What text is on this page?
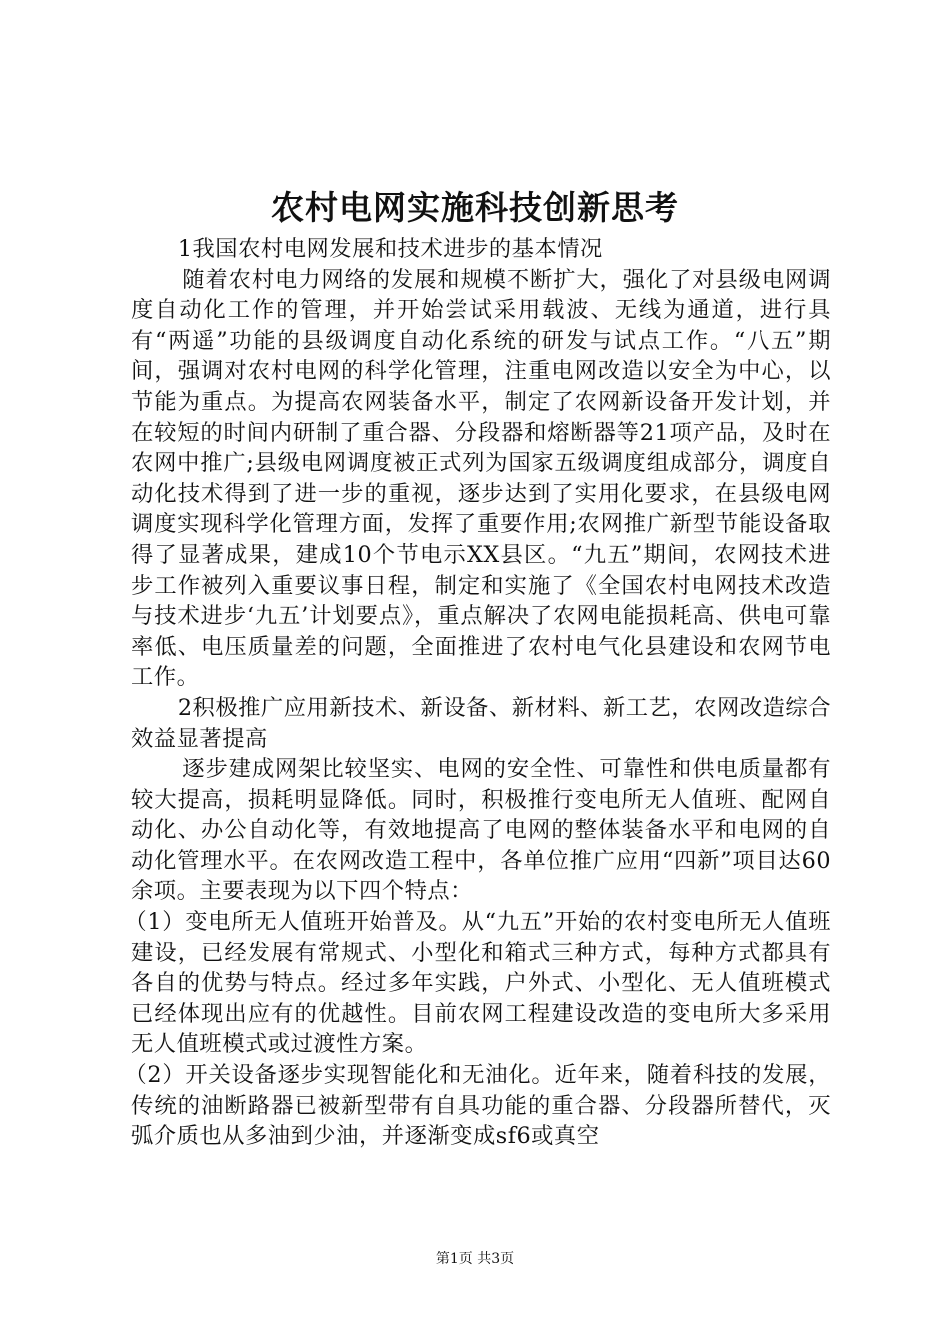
农村电网实施科技创新思考

1我国农村电网发展和技术进步的基本情况

随着农村电力网络的发展和规模不断扩大，强化了对县级电网调度自动化工作的管理，并开始尝试采用载波、无线为通道，进行具有“两遥”功能的县级调度自动化系统的研发与试点工作。“八五”期间，强调对农村电网的科学化管理，注重电网改造以安全为中心，以节能为重点。为提高农网装备水平，制定了农网新设备开发计划，并在较短的时间内研制了重合器、分段器和熔断器等21项产品，及时在农网中推广;县级电网调度被正式列为国家五级调度组成部分，调度自动化技术得到了进一步的重视，逐步达到了实用化要求，在县级电网调度实现科学化管理方面，发挥了重要作用;农网推广新型节能设备取得了显著成果，建成10个节电示XX县区。“九五”期间，农网技术进步工作被列入重要议事日程，制定和实施了《全国农村电网技术改造与技术进步‘九五’计划要点》，重点解决了农网电能损耗高、供电可靠率低、电压质量差的问题，全面推进了农村电气化县建设和农网节电工作。

2积极推广应用新技术、新设备、新材料、新工艺，农网改造综合效益显著提高

逐步建成网架比较坚实、电网的安全性、可靠性和供电质量都有较大提高，损耗明显降低。同时，积极推行变电所无人值班、配网自动化、办公自动化等，有效地提高了电网的整体装备水平和电网的自动化管理水平。在农网改造工程中，各单位推广应用“四新”项目达60余项。主要表现为以下四个特点：

（1）变电所无人值班开始普及。从“九五”开始的农村变电所无人值班建设，已经发展有常规式、小型化和箱式三种方式，每种方式都具有各自的优势与特点。经过多年实践，户外式、小型化、无人值班模式已经体现出应有的优越性。目前农网工程建设改造的变电所大多采用无人值班模式或过渡性方案。

（2）开关设备逐步实现智能化和无油化。近年来，随着科技的发展，传统的油断路器已被新型带有自具功能的重合器、分段器所替代，灭弧介质也从多油到少油，并逐渐变成sf6或真空

第1页 共3页
